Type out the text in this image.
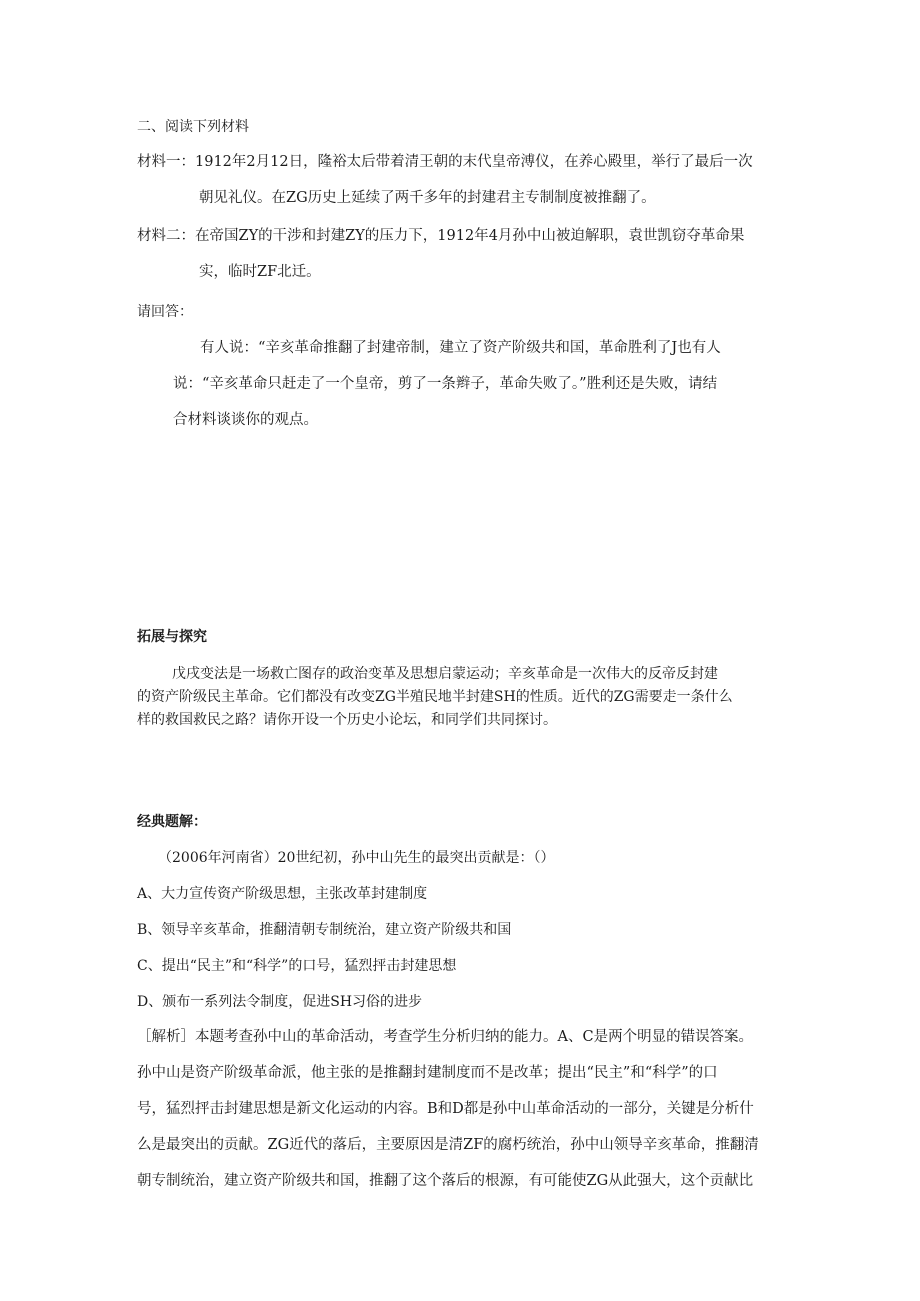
二、阅读下列材料
材料一：1912年2月12日，隆裕太后带着清王朝的末代皇帝溥仪，在养心殿里，举行了最后一次
朝见礼仪。在ZG历史上延续了两千多年的封建君主专制制度被推翻了。
材料二：在帝国ZY的干涉和封建ZY的压力下，1912年4月孙中山被迫解职，袁世凯窃夺革命果
实，临时ZF北迁。
请回答：
有人说：“辛亥革命推翻了封建帝制，建立了资产阶级共和国，革命胜利了J也有人
说：“辛亥革命只赶走了一个皇帝，剪了一条辫子，革命失败了。”胜利还是失败，请结
合材料谈谈你的观点。
拓展与探究
戊戌变法是一场救亡图存的政治变革及思想启蒙运动；辛亥革命是一次伟大的反帝反封建
的资产阶级民主革命。它们都没有改变ZG半殖民地半封建SH的性质。近代的ZG需要走一条什么
样的救国救民之路？请你开设一个历史小论坛，和同学们共同探讨。
经典题解：
（2006年河南省）20世纪初，孙中山先生的最突出贡献是：（）
A、大力宣传资产阶级思想，主张改革封建制度
B、领导辛亥革命，推翻清朝专制统治，建立资产阶级共和国
C、提出“民主”和“科学”的口号，猛烈抨击封建思想
D、颁布一系列法令制度，促进SH习俗的进步
［解析］本题考查孙中山的革命活动，考查学生分析归纳的能力。A、C是两个明显的错误答案。
孙中山是资产阶级革命派，他主张的是推翻封建制度而不是改革；提出“民主”和“科学”的口
号，猛烈抨击封建思想是新文化运动的内容。B和D都是孙中山革命活动的一部分，关键是分析什
么是最突出的贡献。ZG近代的落后，主要原因是清ZF的腐朽统治，孙中山领导辛亥革命，推翻清
朝专制统治，建立资产阶级共和国，推翻了这个落后的根源，有可能使ZG从此强大，这个贡献比
